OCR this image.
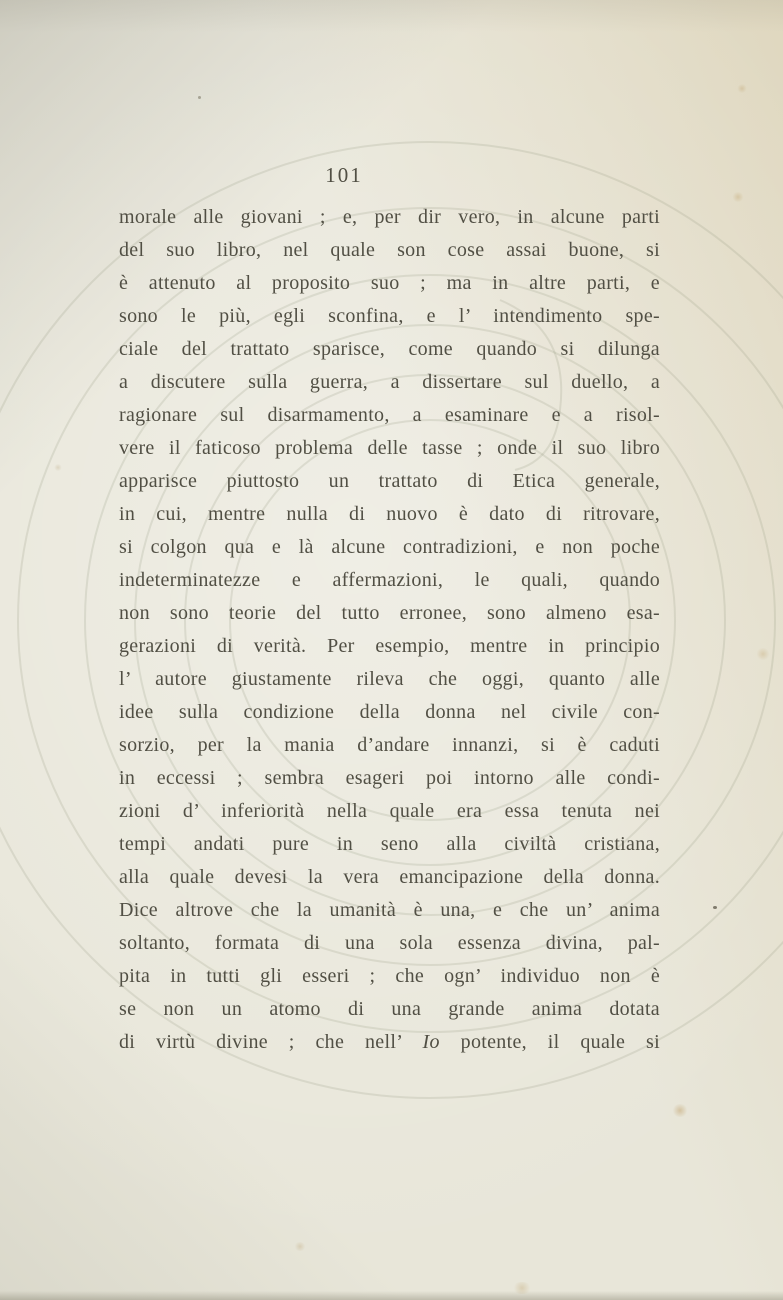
101
morale alle giovani ; e, per dir vero, in alcune parti
del suo libro, nel quale son cose assai buone, si
è attenuto al proposito suo ; ma in altre parti, e
sono le più, egli sconfina, e l’ intendimento spe-
ciale del trattato sparisce, come quando si dilunga
a discutere sulla guerra, a dissertare sul duello, a
ragionare sul disarmamento, a esaminare e a risol-
vere il faticoso problema delle tasse ; onde il suo libro
apparisce piuttosto un trattato di Etica generale,
in cui, mentre nulla di nuovo è dato di ritrovare,
si colgon qua e là alcune contradizioni, e non poche
indeterminatezze e affermazioni, le quali, quando
non sono teorie del tutto erronee, sono almeno esa-
gerazioni di verità. Per esempio, mentre in principio
l’ autore giustamente rileva che oggi, quanto alle
idee sulla condizione della donna nel civile con-
sorzio, per la mania d’andare innanzi, si è caduti
in eccessi ; sembra esageri poi intorno alle condi-
zioni d’ inferiorità nella quale era essa tenuta nei
tempi andati pure in seno alla civiltà cristiana,
alla quale devesi la vera emancipazione della donna.
Dice altrove che la umanità è una, e che un’ anima
soltanto, formata di una sola essenza divina, pal-
pita in tutti gli esseri ; che ogn’ individuo non è
se non un atomo di una grande anima dotata
di virtù divine ; che nell’ Io potente, il quale si
